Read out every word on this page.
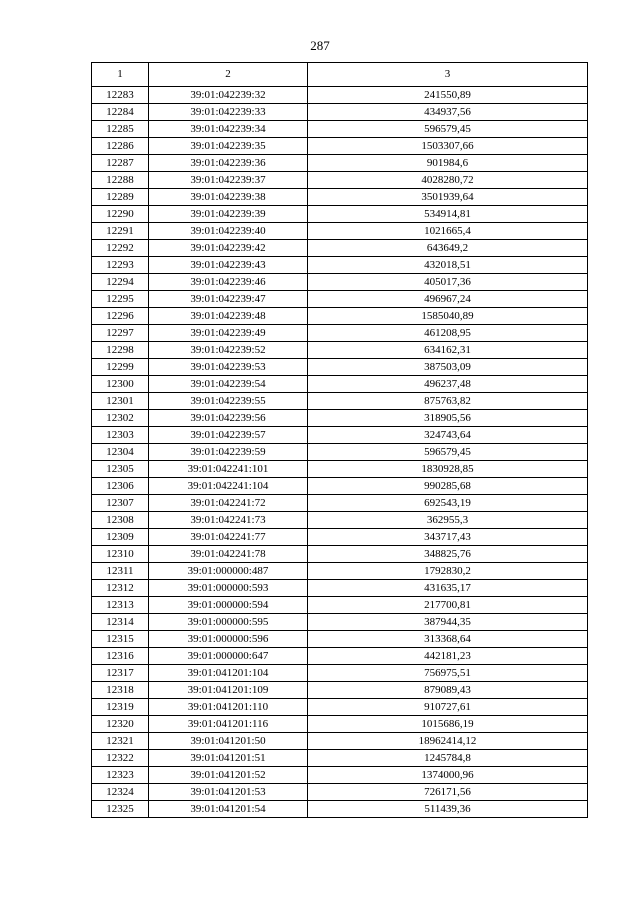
287
1	2	3
12283	39:01:042239:32	241550,89
12284	39:01:042239:33	434937,56
12285	39:01:042239:34	596579,45
12286	39:01:042239:35	1503307,66
12287	39:01:042239:36	901984,6
12288	39:01:042239:37	4028280,72
12289	39:01:042239:38	3501939,64
12290	39:01:042239:39	534914,81
12291	39:01:042239:40	1021665,4
12292	39:01:042239:42	643649,2
12293	39:01:042239:43	432018,51
12294	39:01:042239:46	405017,36
12295	39:01:042239:47	496967,24
12296	39:01:042239:48	1585040,89
12297	39:01:042239:49	461208,95
12298	39:01:042239:52	634162,31
12299	39:01:042239:53	387503,09
12300	39:01:042239:54	496237,48
12301	39:01:042239:55	875763,82
12302	39:01:042239:56	318905,56
12303	39:01:042239:57	324743,64
12304	39:01:042239:59	596579,45
12305	39:01:042241:101	1830928,85
12306	39:01:042241:104	990285,68
12307	39:01:042241:72	692543,19
12308	39:01:042241:73	362955,3
12309	39:01:042241:77	343717,43
12310	39:01:042241:78	348825,76
12311	39:01:000000:487	1792830,2
12312	39:01:000000:593	431635,17
12313	39:01:000000:594	217700,81
12314	39:01:000000:595	387944,35
12315	39:01:000000:596	313368,64
12316	39:01:000000:647	442181,23
12317	39:01:041201:104	756975,51
12318	39:01:041201:109	879089,43
12319	39:01:041201:110	910727,61
12320	39:01:041201:116	1015686,19
12321	39:01:041201:50	18962414,12
12322	39:01:041201:51	1245784,8
12323	39:01:041201:52	1374000,96
12324	39:01:041201:53	726171,56
12325	39:01:041201:54	511439,36
